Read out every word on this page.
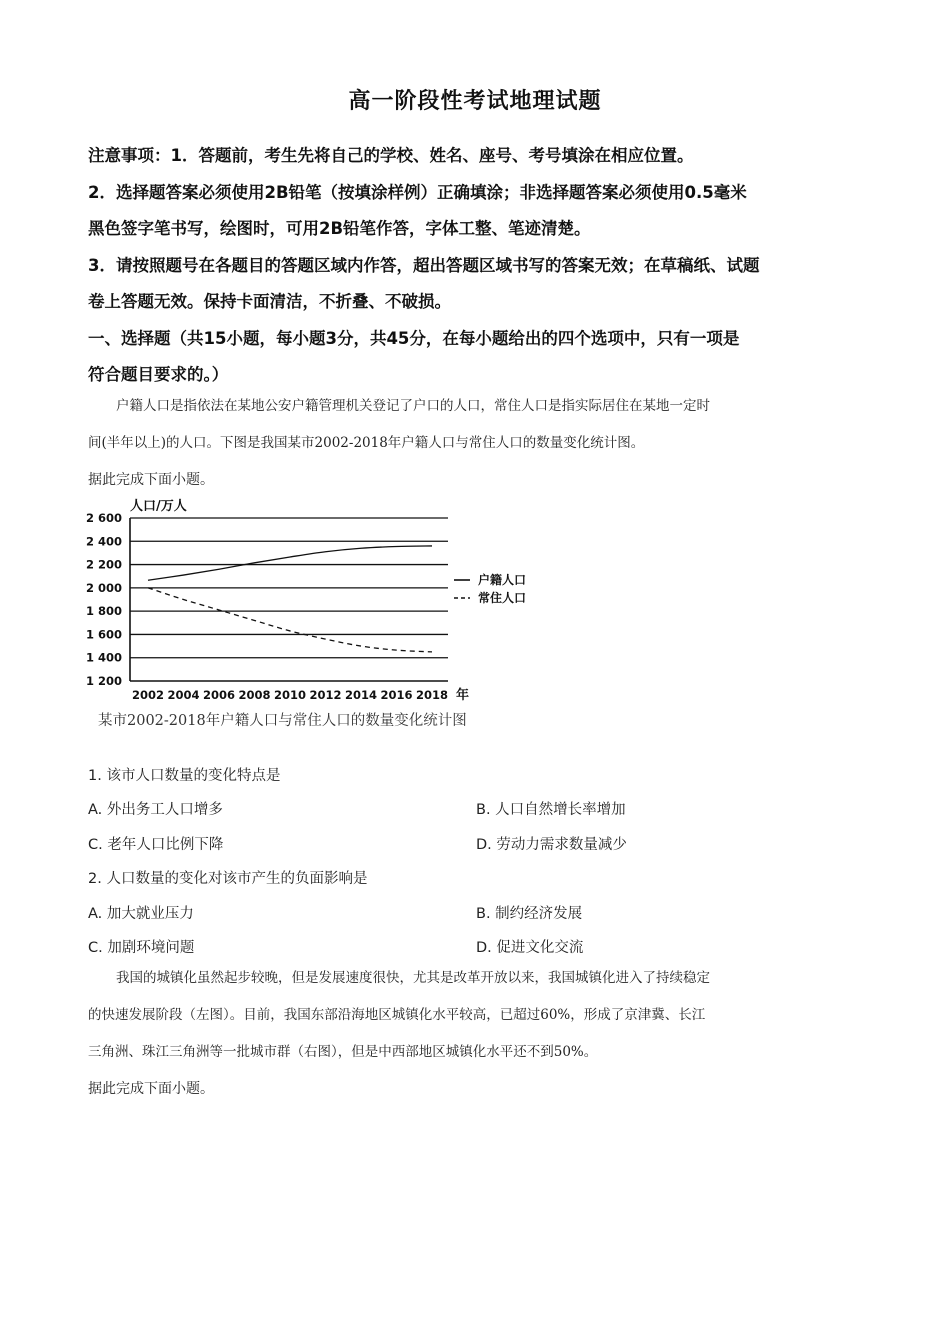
高一阶段性考试地理试题

注意事项：1．答题前，考生先将自己的学校、姓名、座号、考号填涂在相应位置。

2．选择题答案必须使用2B铅笔（按填涂样例）正确填涂；非选择题答案必须使用0.5毫米

黑色签字笔书写，绘图时，可用2B铅笔作答，字体工整、笔迹清楚。

3．请按照题号在各题目的答题区域内作答，超出答题区域书写的答案无效；在草稿纸、试题

卷上答题无效。保持卡面清洁，不折叠、不破损。

一、选择题（共15小题，每小题3分，共45分，在每小题给出的四个选项中，只有一项是

符合题目要求的。）

户籍人口是指依法在某地公安户籍管理机关登记了户口的人口，常住人口是指实际居住在某地一定时

间(半年以上)的人口。下图是我国某市2002-2018年户籍人口与常住人口的数量变化统计图。

据此完成下面小题。

1 200
1 400
1 600
1 800
2 000
2 200
2 400
2 600
2002 2004 2006 2008 2010 2012 2014 2016 2018
人口/万人
年
户籍人口
常住人口
某市2002-2018年户籍人口与常住人口的数量变化统计图
1. 该市人口数量的变化特点是
A. 外出务工人口增多	B. 人口自然增长率增加
C. 老年人口比例下降	D. 劳动力需求数量减少
2. 人口数量的变化对该市产生的负面影响是
A. 加大就业压力	B. 制约经济发展
C. 加剧环境问题	D. 促进文化交流

我国的城镇化虽然起步较晚，但是发展速度很快，尤其是改革开放以来，我国城镇化进入了持续稳定

的快速发展阶段（左图）。目前，我国东部沿海地区城镇化水平较高，已超过60%，形成了京津冀、长江

三角洲、珠江三角洲等一批城市群（右图），但是中西部地区城镇化水平还不到50%。

据此完成下面小题。
